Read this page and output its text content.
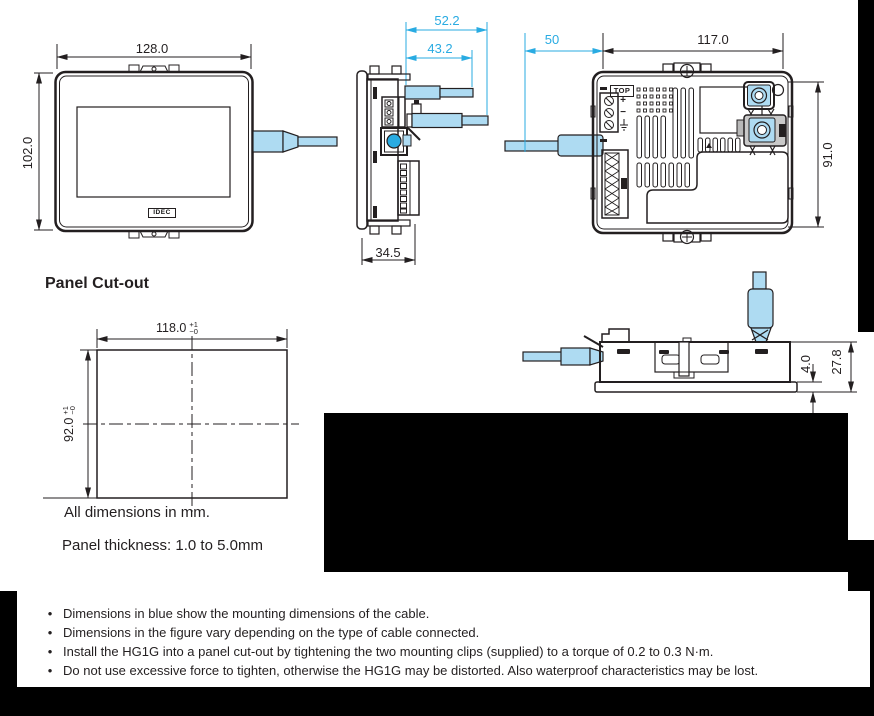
128.0
102.0
52.2
43.2
34.5
50	117.0
91.0
4.0 27.8
TOP
IDEC
+
−
Panel Cut-out
118.0 +1
−0
92.0
+1
−0
All dimensions in mm.
Panel thickness: 1.0 to 5.0mm
• Dimensions in blue show the mounting dimensions of the cable.
• Dimensions in the figure vary depending on the type of cable connected.
• Install the HG1G into a panel cut-out by tightening the two mounting clips (supplied) to a torque of 0.2 to 0.3 N·m.
• Do not use excessive force to tighten, otherwise the HG1G may be distorted. Also waterproof characteristics may be lost.
